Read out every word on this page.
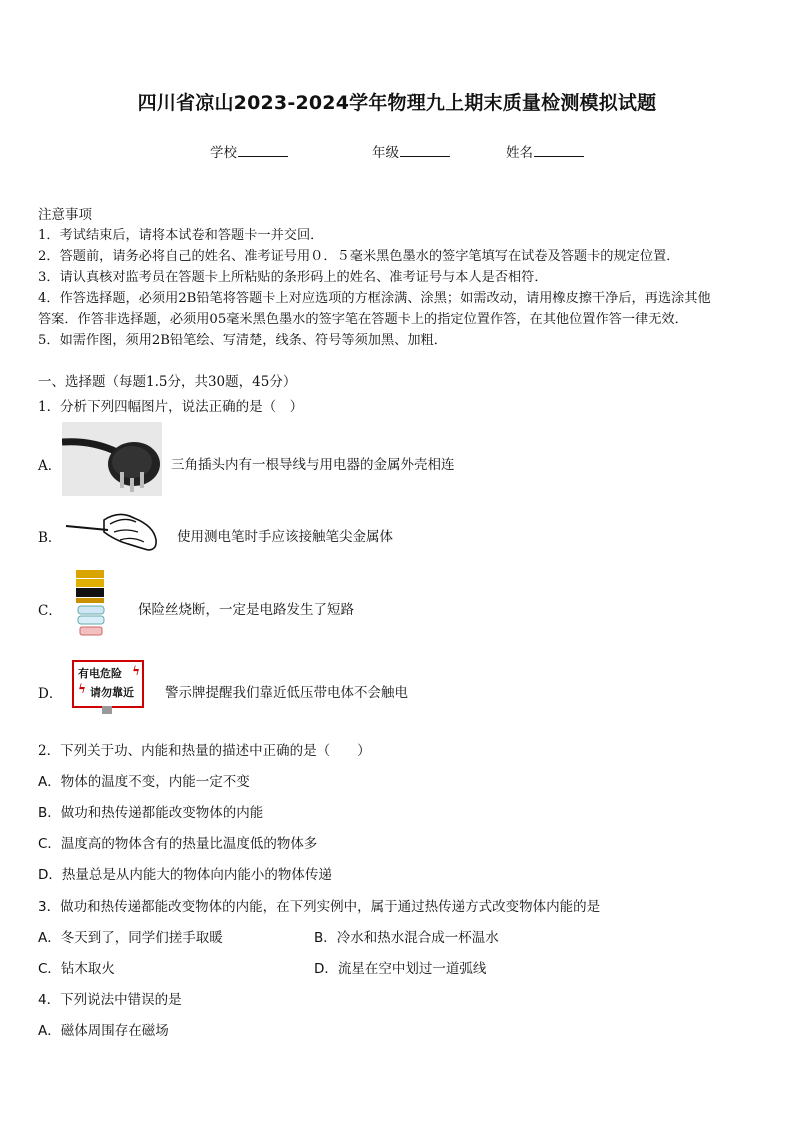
四川省凉山2023-2024学年物理九上期末质量检测模拟试题
学校	年级	姓名
注意事项
1．考试结束后，请将本试卷和答题卡一并交回．
2．答题前，请务必将自己的姓名、准考证号用０．５毫米黑色墨水的签字笔填写在试卷及答题卡的规定位置．
3．请认真核对监考员在答题卡上所粘贴的条形码上的姓名、准考证号与本人是否相符．
4．作答选择题，必须用2B铅笔将答题卡上对应选项的方框涂满、涂黑；如需改动，请用橡皮擦干净后，再选涂其他
答案．作答非选择题，必须用05毫米黑色墨水的签字笔在答题卡上的指定位置作答，在其他位置作答一律无效．
5．如需作图，须用2B铅笔绘、写清楚，线条、符号等须加黑、加粗．
一、选择题（每题1.5分，共30题，45分）
1．分析下列四幅图片，说法正确的是（　）
A．	三角插头内有一根导线与用电器的金属外壳相连
B．	使用测电笔时手应该接触笔尖金属体
C．	保险丝烧断，一定是电路发生了短路
D．
有电危险
请勿靠近
ϟ
ϟ
警示牌提醒我们靠近低压带电体不会触电
2．下列关于功、内能和热量的描述中正确的是（　　）
A．物体的温度不变，内能一定不变
B．做功和热传递都能改变物体的内能
C．温度高的物体含有的热量比温度低的物体多
D．热量总是从内能大的物体向内能小的物体传递
3．做功和热传递都能改变物体的内能，在下列实例中，属于通过热传递方式改变物体内能的是
A．冬天到了，同学们搓手取暖	B．冷水和热水混合成一杯温水
C．钻木取火	D．流星在空中划过一道弧线
4．下列说法中错误的是
A．磁体周围存在磁场
